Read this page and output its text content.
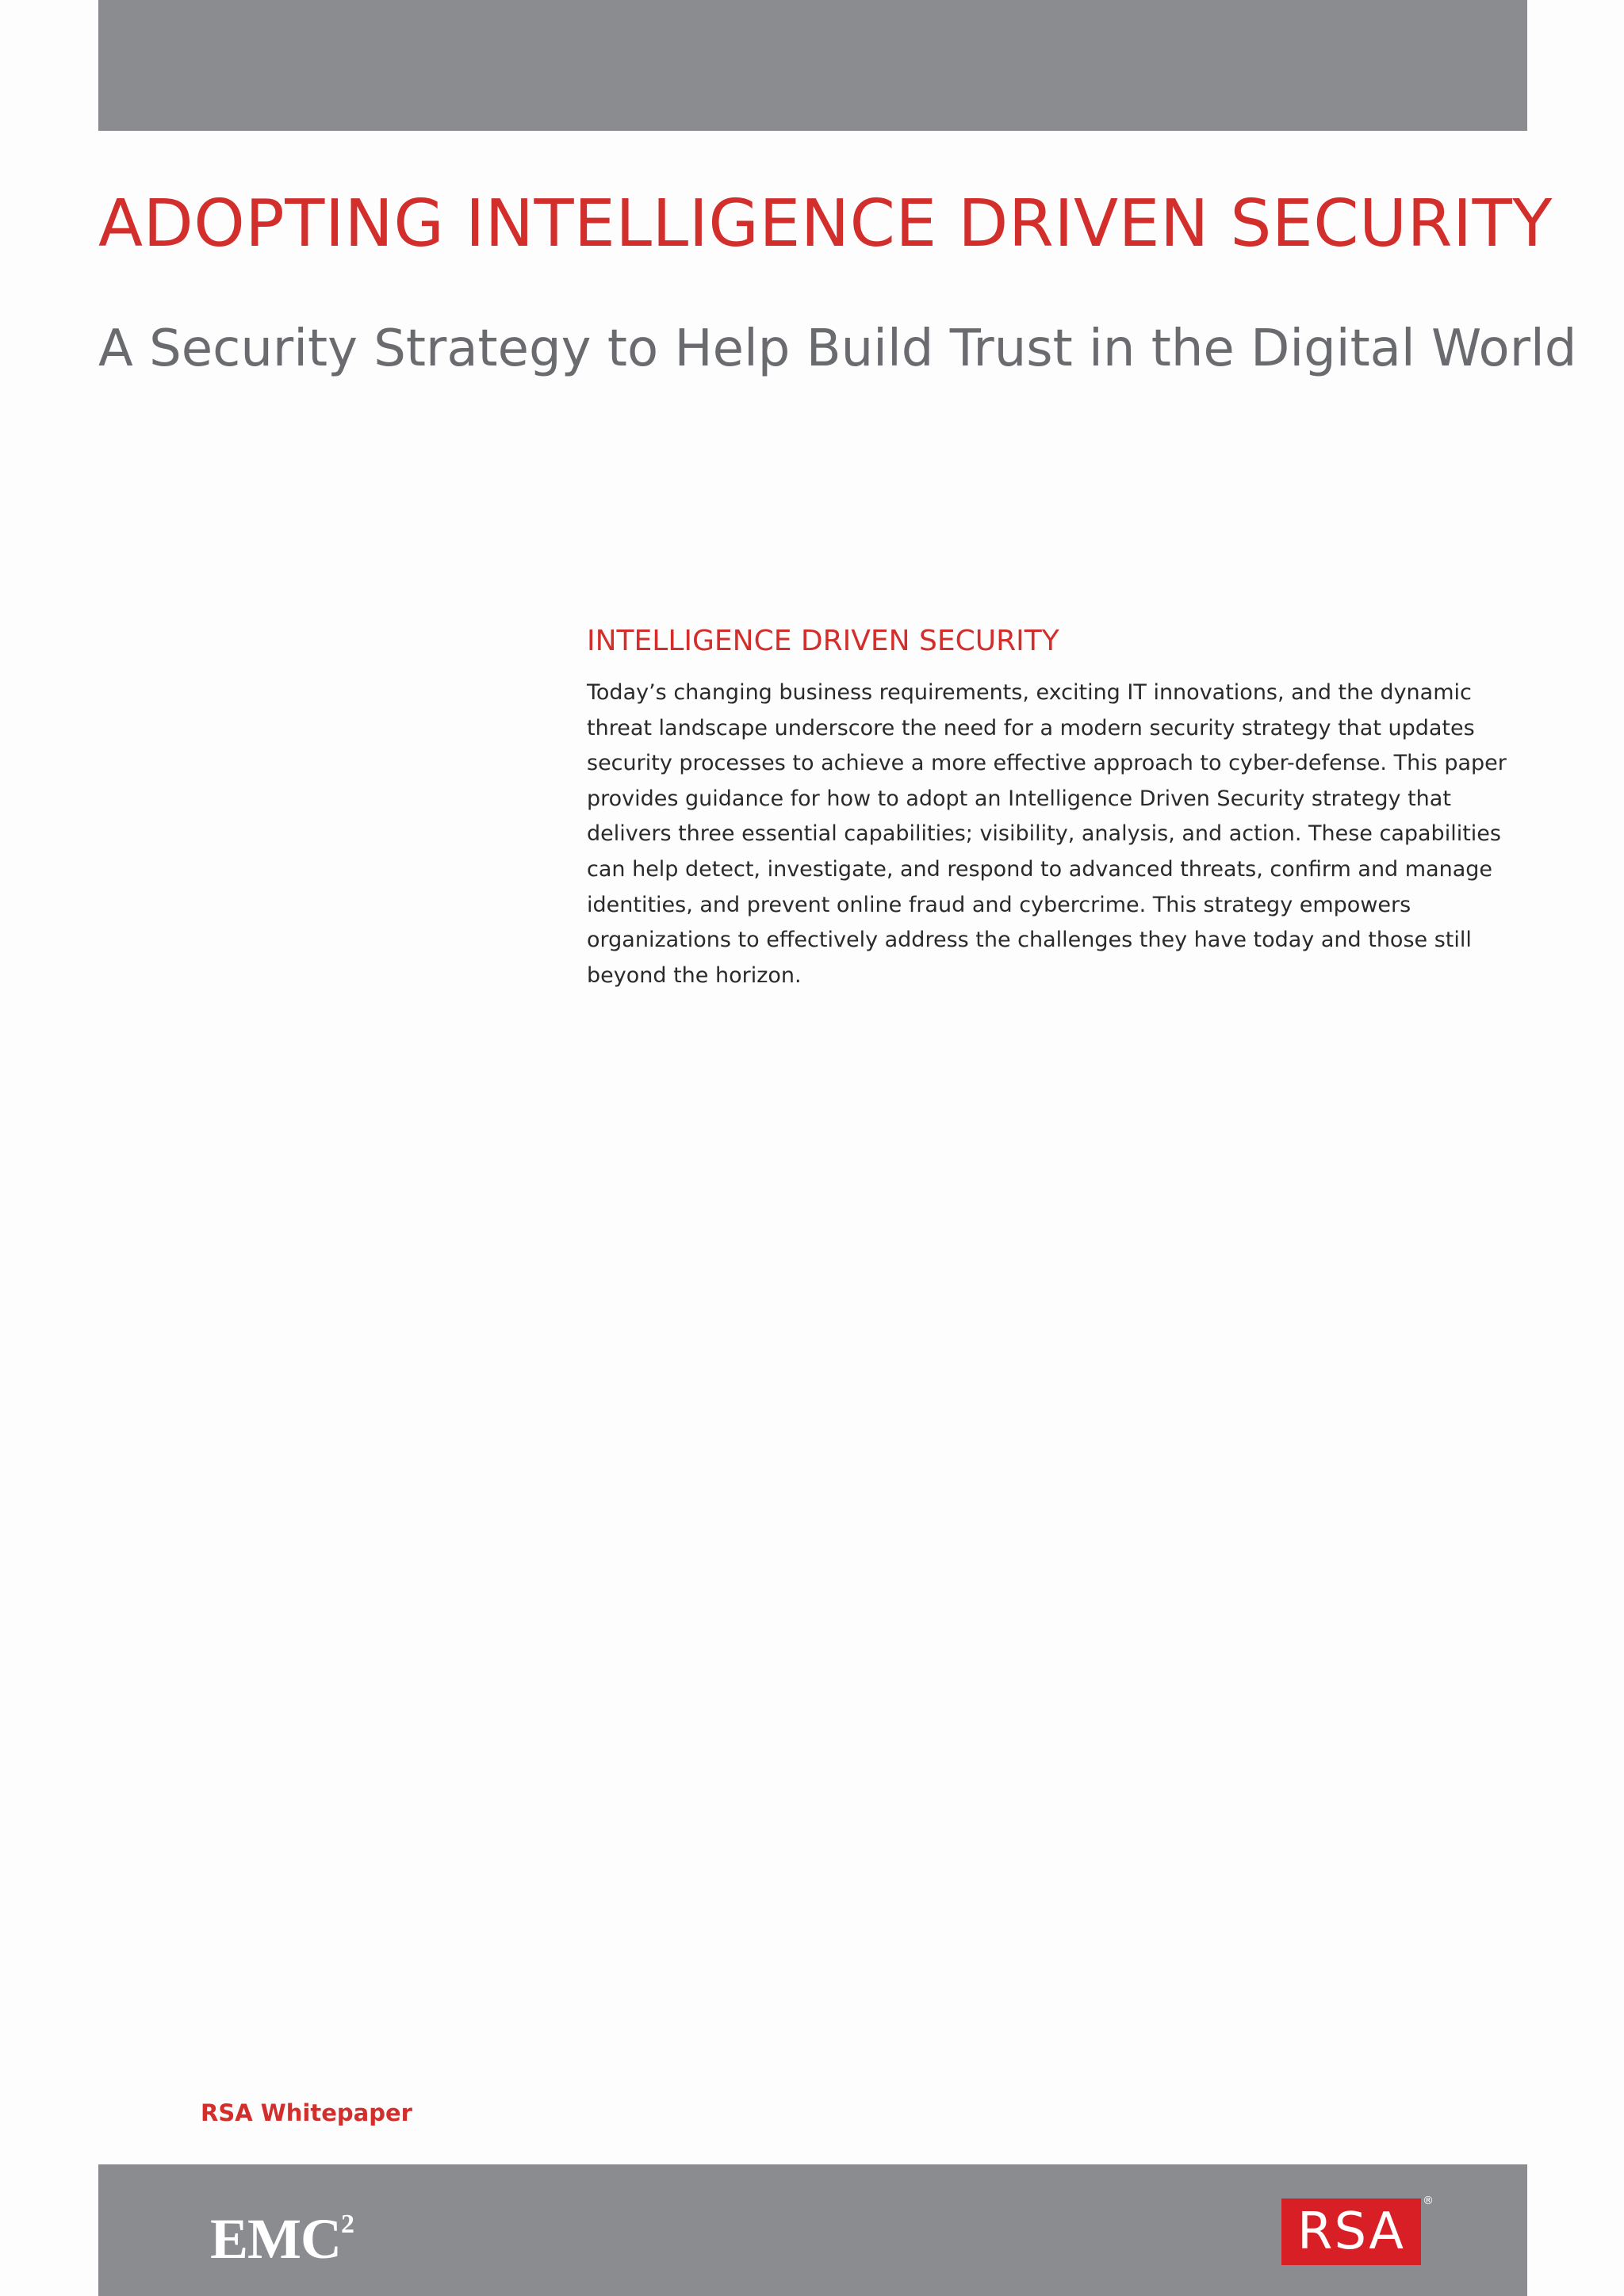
ADOPTING INTELLIGENCE DRIVEN SECURITY
A Security Strategy to Help Build Trust in the Digital World
INTELLIGENCE DRIVEN SECURITY

Today’s changing business requirements, exciting IT innovations, and the dynamic threat landscape underscore the need for a modern security strategy that updates security processes to achieve a more effective approach to cyber-defense. This paper provides guidance for how to adopt an Intelligence Driven Security strategy that delivers three essential capabilities; visibility, analysis, and action. These capabilities can help detect, investigate, and respond to advanced threats, confirm and manage identities, and prevent online fraud and cybercrime. This strategy empowers organizations to effectively address the challenges they have today and those still beyond the horizon.

RSA Whitepaper
EMC$^2$	RSA
®
